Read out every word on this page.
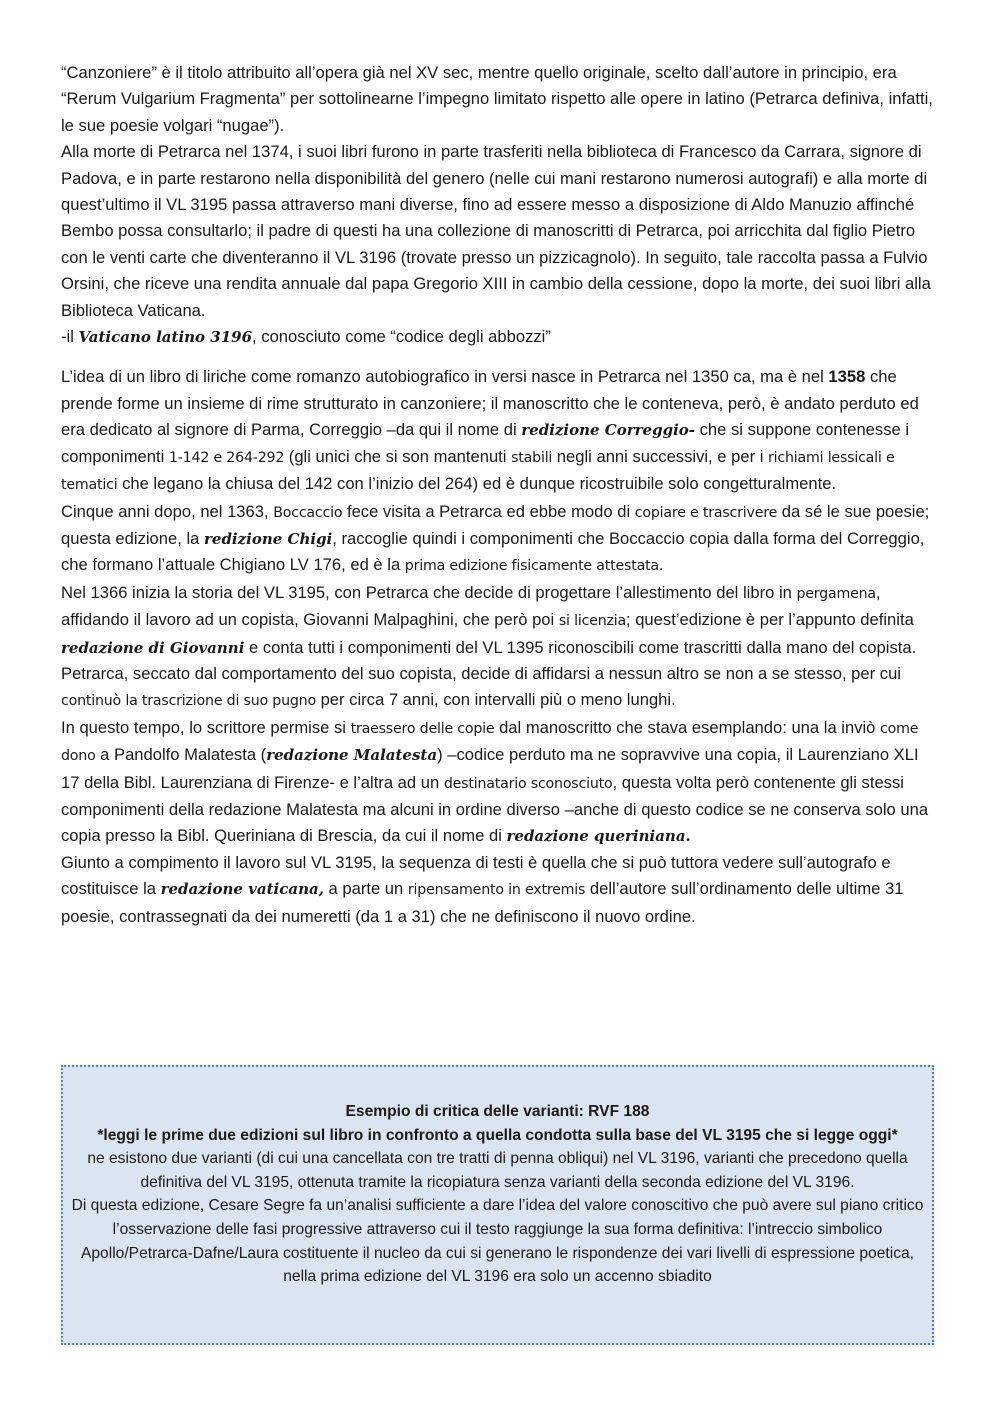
“Canzoniere” è il titolo attribuito all’opera già nel XV sec, mentre quello originale, scelto dall’autore in principio, era “Rerum Vulgarium Fragmenta” per sottolinearne l’impegno limitato rispetto alle opere in latino (Petrarca definiva, infatti, le sue poesie volgari “nugae”).

Alla morte di Petrarca nel 1374, i suoi libri furono in parte trasferiti nella biblioteca di Francesco da Carrara, signore di Padova, e in parte restarono nella disponibilità del genero (nelle cui mani restarono numerosi autografi) e alla morte di quest’ultimo il VL 3195 passa attraverso mani diverse, fino ad essere messo a disposizione di Aldo Manuzio affinché Bembo possa consultarlo; il padre di questi ha una collezione di manoscritti di Petrarca, poi arricchita dal figlio Pietro con le venti carte che diventeranno il VL 3196 (trovate presso un pizzicagnolo). In seguito, tale raccolta passa a Fulvio Orsini, che riceve una rendita annuale dal papa Gregorio XIII in cambio della cessione, dopo la morte, dei suoi libri alla Biblioteca Vaticana.

-il Vaticano latino 3196, conosciuto come “codice degli abbozzi”

L’idea di un libro di liriche come romanzo autobiografico in versi nasce in Petrarca nel 1350 ca, ma è nel 1358 che prende forme un insieme di rime strutturato in canzoniere; il manoscritto che le conteneva, però, è andato perduto ed era dedicato al signore di Parma, Correggio –da qui il nome di redizione Correggio- che si suppone contenesse i componimenti 1-142 e 264-292 (gli unici che si son mantenuti stabili negli anni successivi, e per i richiami lessicali e tematici che legano la chiusa del 142 con l’inizio del 264) ed è dunque ricostruibile solo congetturalmente.

Cinque anni dopo, nel 1363, Boccaccio fece visita a Petrarca ed ebbe modo di copiare e trascrivere da sé le sue poesie; questa edizione, la redizione Chigi, raccoglie quindi i componimenti che Boccaccio copia dalla forma del Correggio, che formano l’attuale Chigiano LV 176, ed è la prima edizione fisicamente attestata.

Nel 1366 inizia la storia del VL 3195, con Petrarca che decide di progettare l’allestimento del libro in pergamena, affidando il lavoro ad un copista, Giovanni Malpaghini, che però poi si licenzia; quest’edizione è per l’appunto definita redazione di Giovanni e conta tutti i componimenti del VL 1395 riconoscibili come trascritti dalla mano del copista.

Petrarca, seccato dal comportamento del suo copista, decide di affidarsi a nessun altro se non a se stesso, per cui continuò la trascrizione di suo pugno per circa 7 anni, con intervalli più o meno lunghi.

In questo tempo, lo scrittore permise si traessero delle copie dal manoscritto che stava esemplando: una la inviò come dono a Pandolfo Malatesta (redazione Malatesta) –codice perduto ma ne sopravvive una copia, il Laurenziano XLI 17 della Bibl. Laurenziana di Firenze- e l’altra ad un destinatario sconosciuto, questa volta però contenente gli stessi componimenti della redazione Malatesta ma alcuni in ordine diverso –anche di questo codice se ne conserva solo una copia presso la Bibl. Queriniana di Brescia, da cui il nome di redazione queriniana.

Giunto a compimento il lavoro sul VL 3195, la sequenza di testi è quella che si può tuttora vedere sull’autografo e costituisce la redazione vaticana, a parte un ripensamento in extremis dell’autore sull’ordinamento delle ultime 31 poesie, contrassegnati da dei numeretti (da 1 a 31) che ne definiscono il nuovo ordine.

Esempio di critica delle varianti: RVF 188

*leggi le prime due edizioni sul libro in confronto a quella condotta sulla base del VL 3195 che si legge oggi*

ne esistono due varianti (di cui una cancellata con tre tratti di penna obliqui) nel VL 3196, varianti che precedono quella definitiva del VL 3195, ottenuta tramite la ricopiatura senza varianti della seconda edizione del VL 3196.

Di questa edizione, Cesare Segre fa un’analisi sufficiente a dare l’idea del valore conoscitivo che può avere sul piano critico l’osservazione delle fasi progressive attraverso cui il testo raggiunge la sua forma definitiva: l’intreccio simbolico Apollo/Petrarca-Dafne/Laura costituente il nucleo da cui si generano le rispondenze dei vari livelli di espressione poetica, nella prima edizione del VL 3196 era solo un accenno sbiadito
